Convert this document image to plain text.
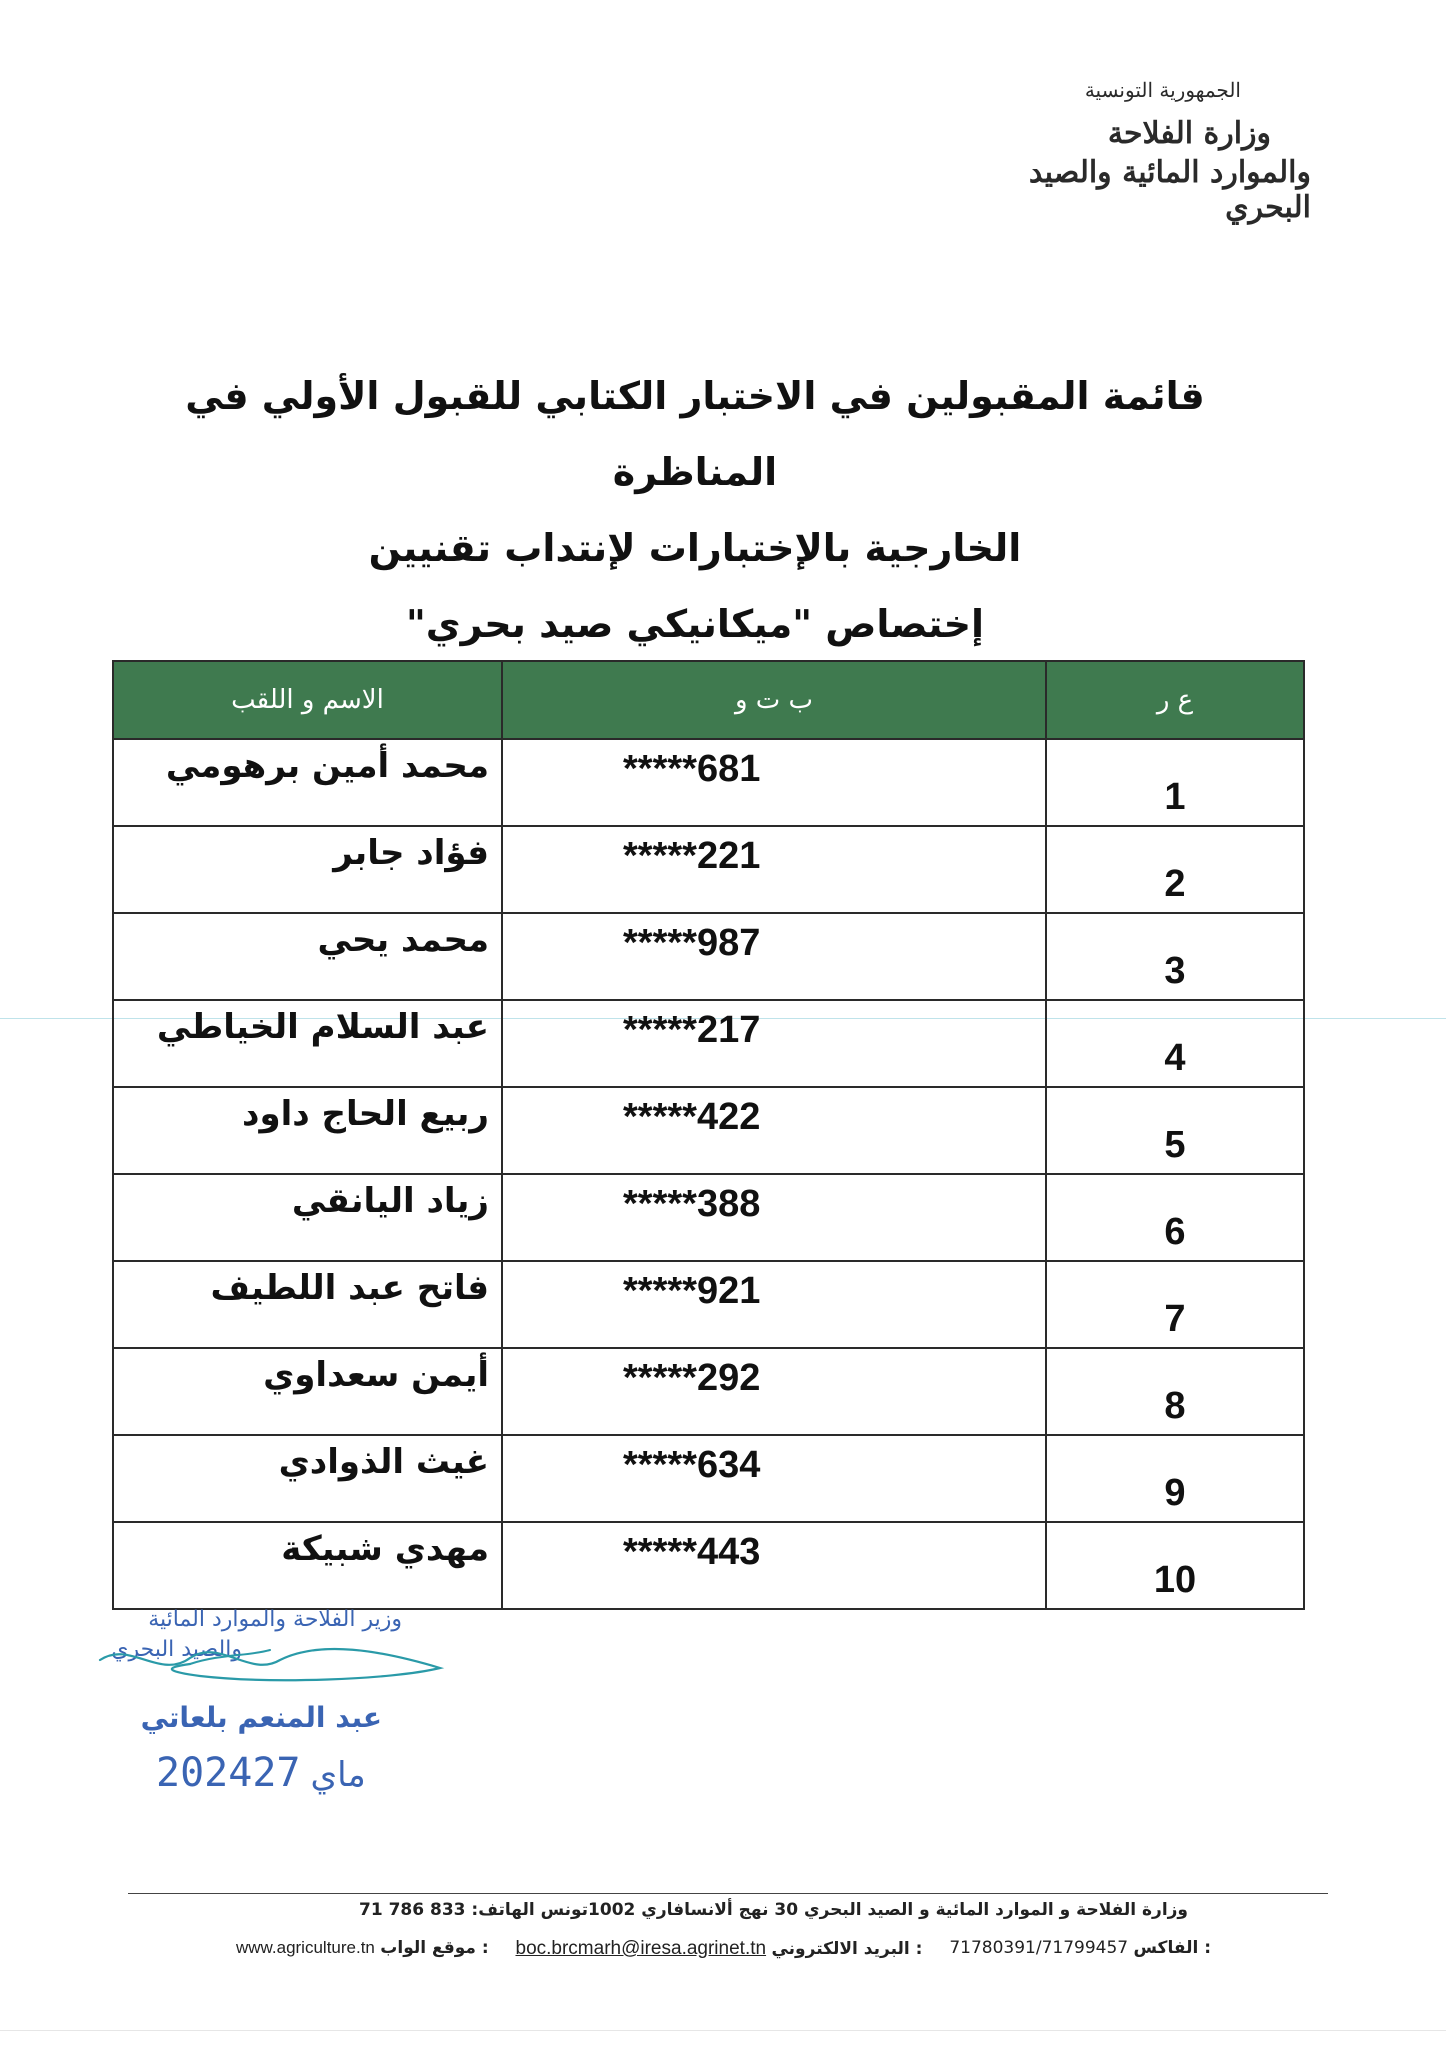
الجمهورية التونسية
وزارة الفلاحة
والموارد المائية والصيد البحري
قائمة المقبولين في الاختبار الكتابي للقبول الأولي في المناظرة
الخارجية بالإختبارات لإنتداب تقنيين
إختصاص "ميكانيكي صيد بحري"
ع ر	ب ت و	الاسم و اللقب
1	*****681	محمد أمين برهومي
2	*****221	فؤاد جابر
3	*****987	محمد يحي
4	*****217	عبد السلام الخياطي
5	*****422	ربيع الحاج داود
6	*****388	زياد اليانقي
7	*****921	فاتح عبد اللطيف
8	*****292	أيمن سعداوي
9	*****634	غيث الذوادي
10	*****443	مهدي شبيكة
وزير الفلاحة والموارد المائية
والصيد البحري
عبد المنعم بلعاتي
2024 ماي27
وزارة الفلاحة و الموارد المائية و الصيد البحري 30 نهج ألانسافاري 1002تونس الهاتف: 833 786 71
www.agriculture.tn موقع الواب : boc.brcmarh@iresa.agrinet.tn البريد الالكتروني : 71780391/71799457 الفاكس :
